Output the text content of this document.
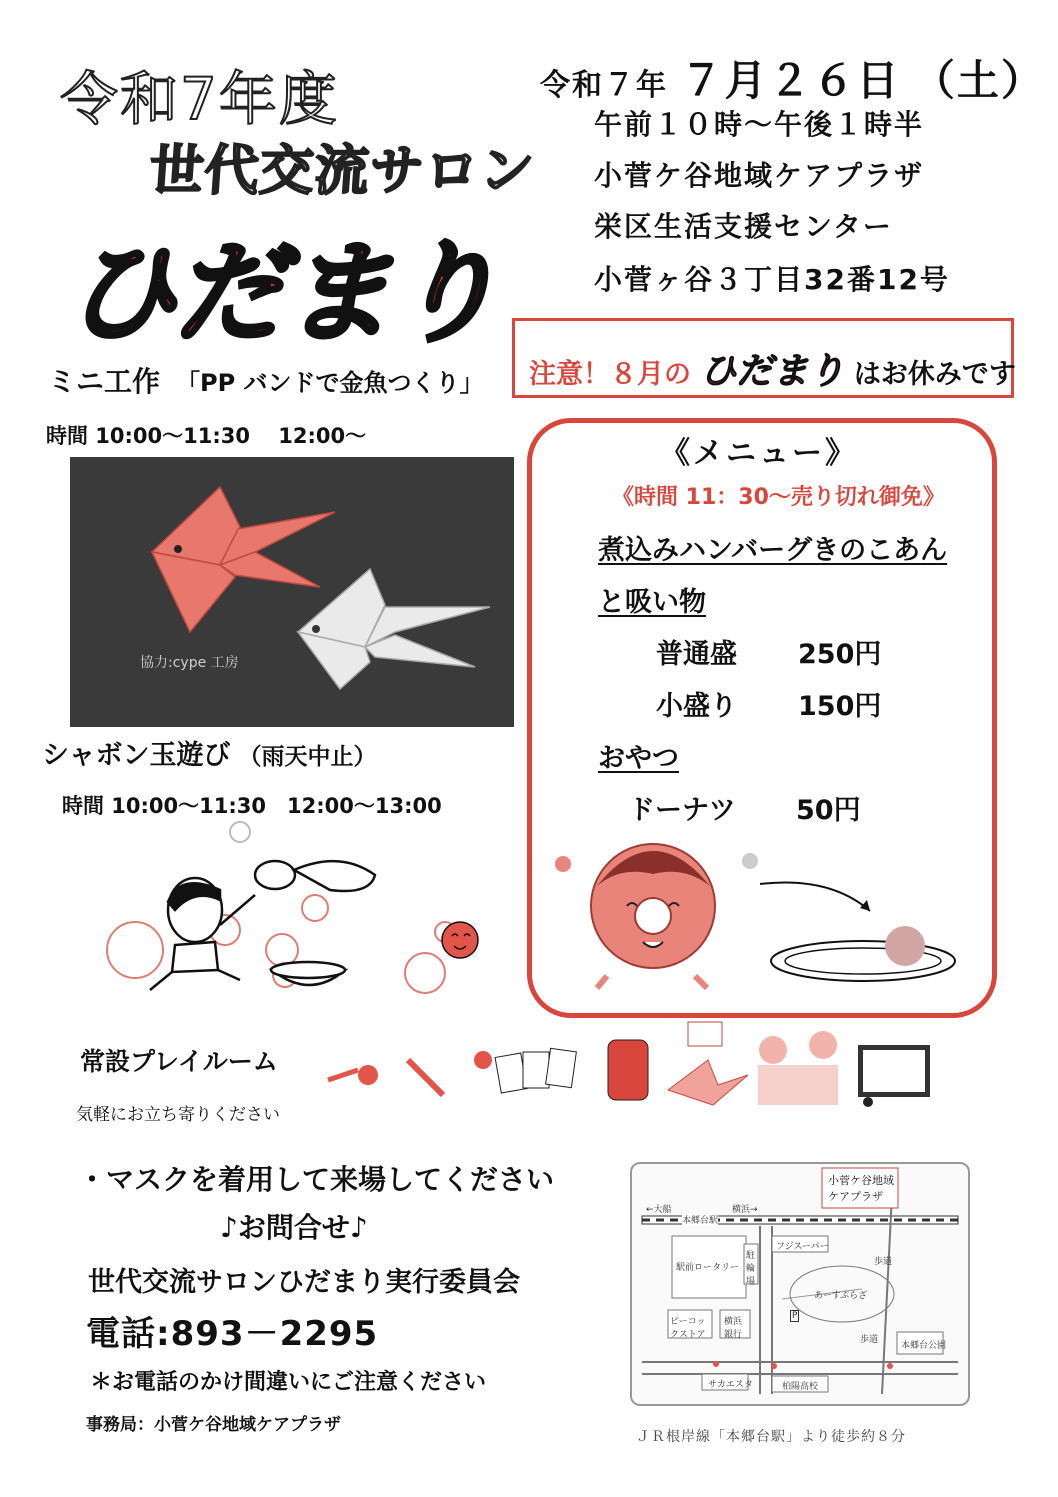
令和7年度
世代交流サロン
ひだまり
令和７年 ７月２６日 （土）
午前１０時～午後１時半
小菅ケ谷地域ケアプラザ
栄区生活支援センター
小菅ヶ谷３丁目32番12号
注意！８月の ひだまり はお休みです
ミニ工作 「PP バンドで金魚つくり」
時間 10:00～11:30　 12:00～
協力:cype 工房
シャボン玉遊び （雨天中止）
時間 10:00～11:30　12:00～13:00
《メニュー》
《時間 11：30～売り切れ御免》
煮込みハンバーグきのこあん
と吸い物
普通盛 250円
小盛り 150円
おやつ
ドーナツ 50円
常設プレイルーム
気軽にお立ち寄りください
・マスクを着用して来場してください
♪お問合せ♪
世代交流サロンひだまり実行委員会
電話:893－2295
＊お電話のかけ間違いにご注意ください
事務局：小菅ケ谷地域ケアプラザ
小菅ケ谷地域ケアプラザ
本郷台駅
←大船	横浜→
駅前ロータリー
駐輪場
フジスーパー
あーすぷらざ
P
ピーコックストア
横浜銀行
歩道
歩道
本郷台公園
サカエスタ	柏陽高校
ＪＲ根岸線「本郷台駅」より徒歩約８分
